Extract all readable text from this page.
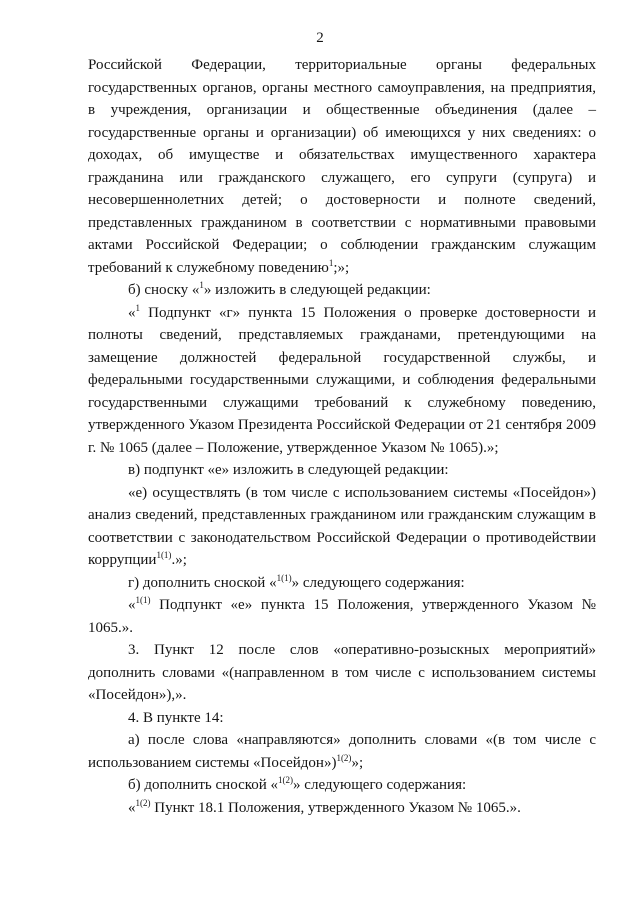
2

Российской Федерации, территориальные органы федеральных государственных органов, органы местного самоуправления, на предприятия, в учреждения, организации и общественные объединения (далее – государственные органы и организации) об имеющихся у них сведениях: о доходах, об имуществе и обязательствах имущественного характера гражданина или гражданского служащего, его супруги (супруга) и несовершеннолетних детей; о достоверности и полноте сведений, представленных гражданином в соответствии с нормативными правовыми актами Российской Федерации; о соблюдении гражданским служащим требований к служебному поведению$^1$;»;

б) сноску «$^1$» изложить в следующей редакции:

«$^1$ Подпункт «г» пункта 15 Положения о проверке достоверности и полноты сведений, представляемых гражданами, претендующими на замещение должностей федеральной государственной службы, и федеральными государственными служащими, и соблюдения федеральными государственными служащими требований к служебному поведению, утвержденного Указом Президента Российской Федерации от 21 сентября 2009 г. № 1065 (далее – Положение, утвержденное Указом № 1065).»;

в) подпункт «е» изложить в следующей редакции:

«е) осуществлять (в том числе с использованием системы «Посейдон») анализ сведений, представленных гражданином или гражданским служащим в соответствии с законодательством Российской Федерации о противодействии коррупции$^{1(1)}$.»;

г) дополнить сноской «$^{1(1)}$» следующего содержания:

«$^{1(1)}$ Подпункт «е» пункта 15 Положения, утвержденного Указом № 1065.».

3. Пункт 12 после слов «оперативно-розыскных мероприятий» дополнить словами «(направленном в том числе с использованием системы «Посейдон»),».

4. В пункте 14:

а) после слова «направляются» дополнить словами «(в том числе с использованием системы «Посейдон»)$^{1(2)}$»;

б) дополнить сноской «$^{1(2)}$» следующего содержания:

«$^{1(2)}$ Пункт 18.1 Положения, утвержденного Указом № 1065.».
